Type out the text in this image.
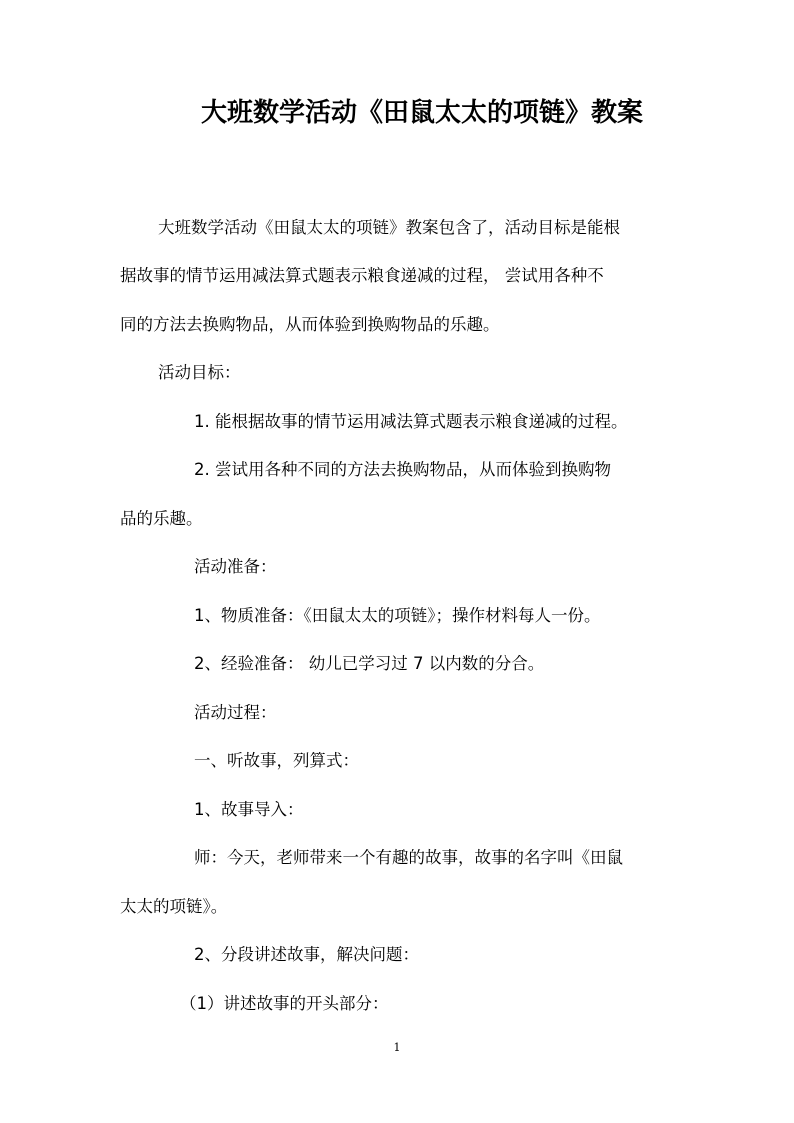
大班数学活动《田鼠太太的项链》教案
大班数学活动《田鼠太太的项链》教案包含了，活动目标是能根
据故事的情节运用减法算式题表示粮食递减的过程， 尝试用各种不
同的方法去换购物品，从而体验到换购物品的乐趣。
活动目标：
1. 能根据故事的情节运用减法算式题表示粮食递减的过程。
2. 尝试用各种不同的方法去换购物品，从而体验到换购物
品的乐趣。
活动准备：
1、物质准备：《田鼠太太的项链》；操作材料每人一份。
2、经验准备： 幼儿已学习过 7 以内数的分合。
活动过程：
一、听故事，列算式：
1、故事导入：
师：今天，老师带来一个有趣的故事，故事的名字叫《田鼠
太太的项链》。
2、分段讲述故事，解决问题：
（1）讲述故事的开头部分：
1
